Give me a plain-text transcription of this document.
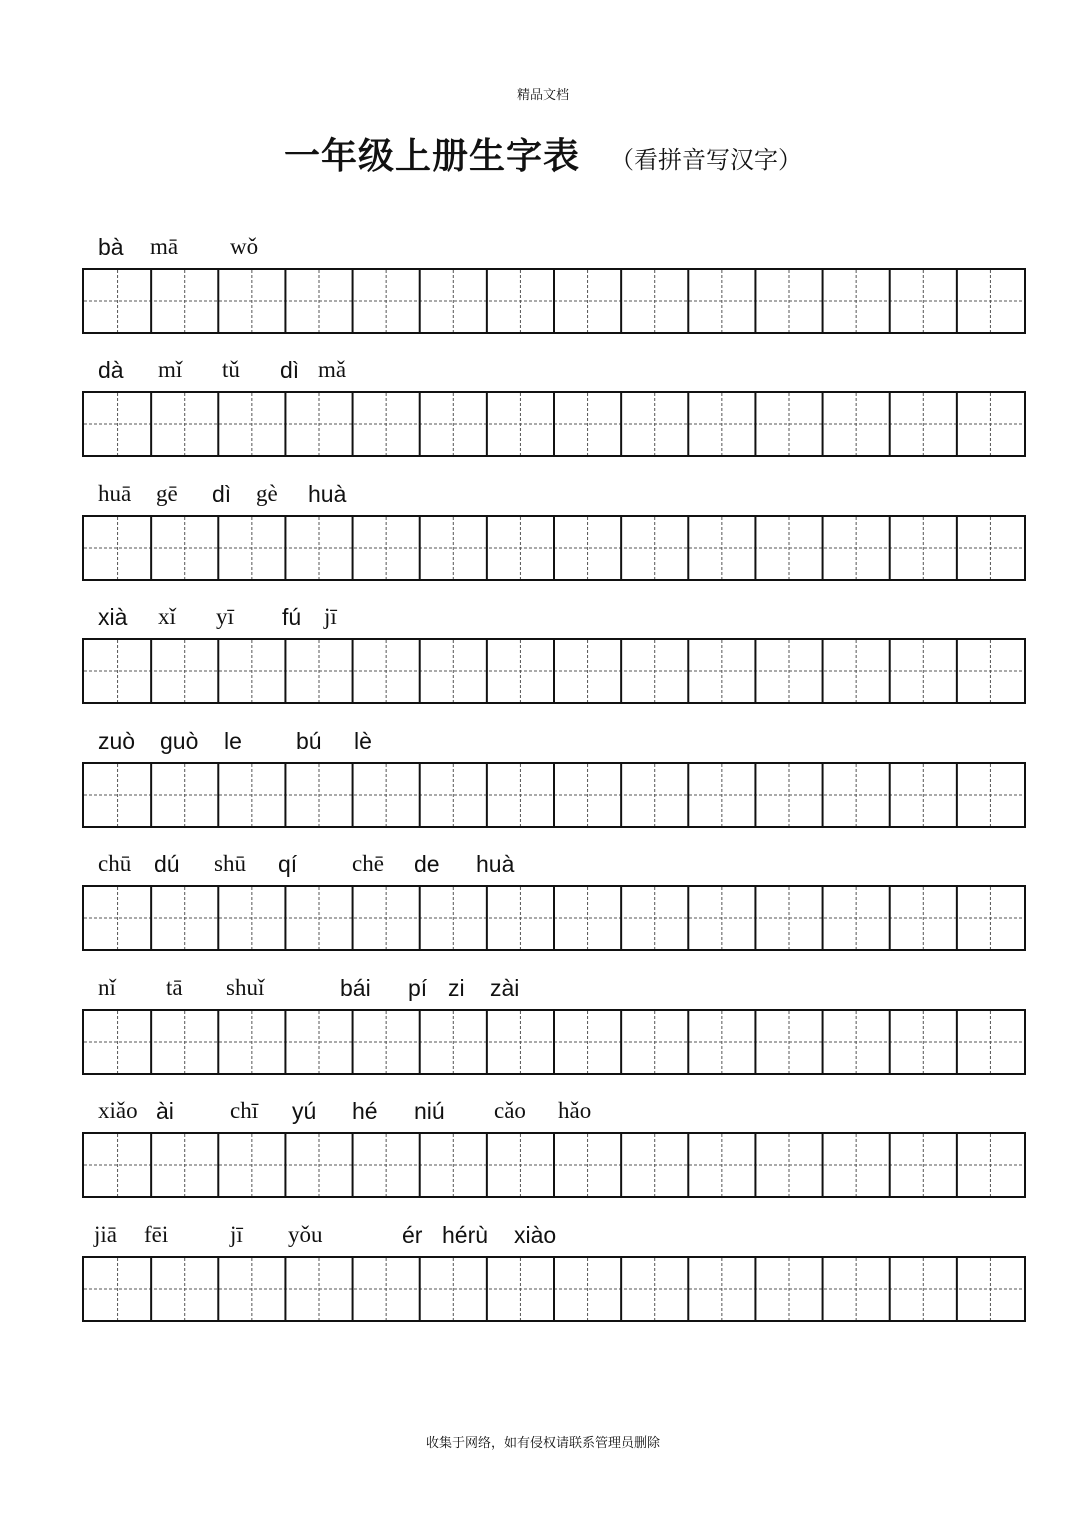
精品文档
一年级上册生字表 （看拼音写汉字）
bà mā wǒ
dà mǐ tǔ dì mǎ
huā gē dì gè huà
xià xǐ yī fú jī
zuò guò le bú lè
chū dú shū qí chē de huà
nǐ tā shuǐ	bái pí zi zài
xiǎo ài chī yú hé niú cǎo hǎo
jiā fēi	jī yǒu	ér hérù xiào
收集于网络，如有侵权请联系管理员删除
